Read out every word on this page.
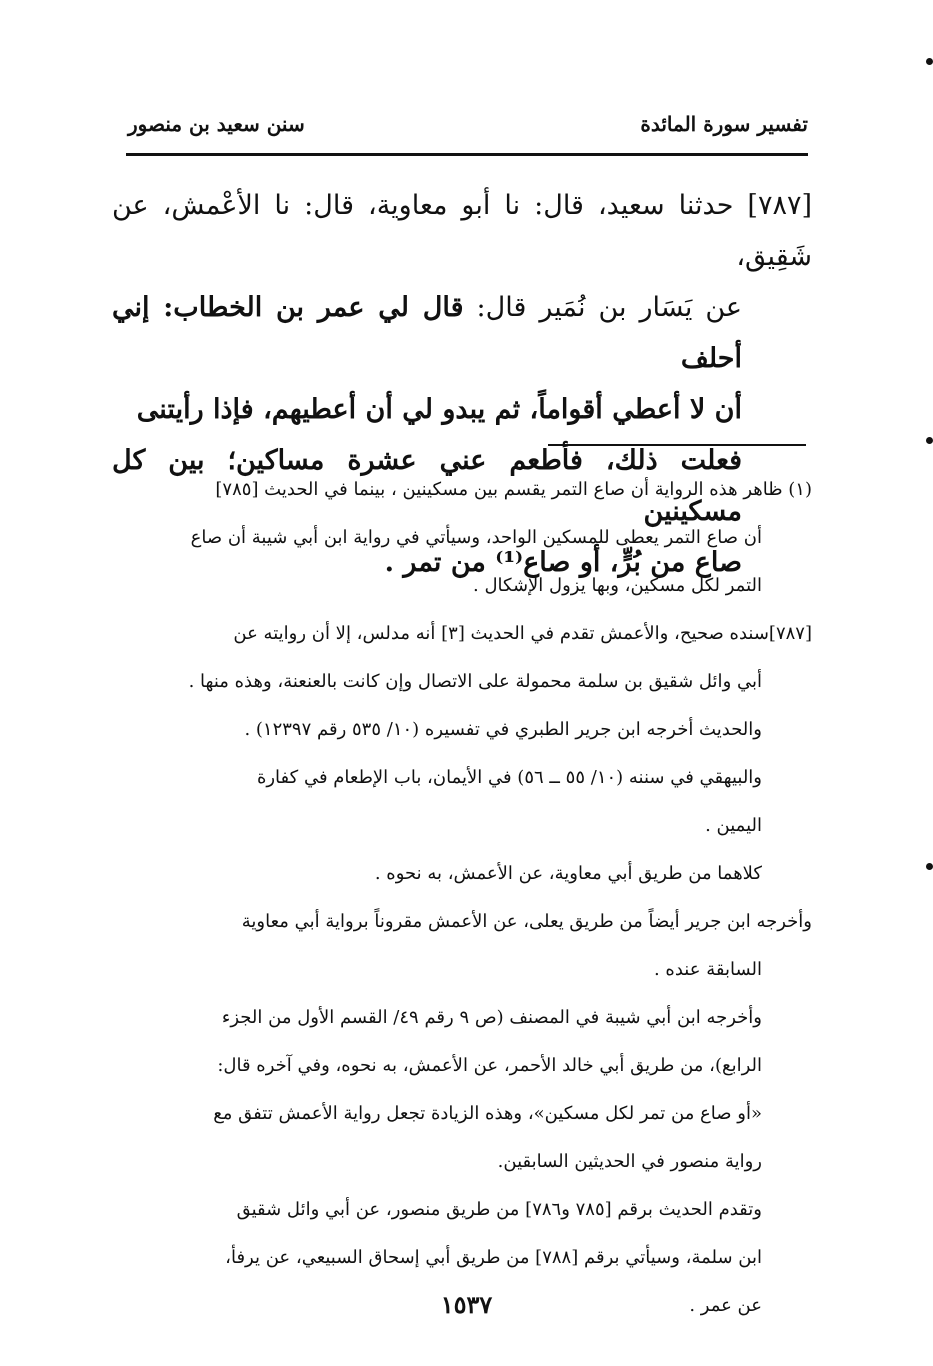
تفسير سورة المائدة
سنن سعيد بن منصور
[٧٨٧] حدثنا سعيد، قال: نا أبو معاوية، قال: نا الأعْمش، عن شَقِيق،
عن يَسَار بن نُمَير قال: قال لي عمر بن الخطاب: إني أحلف
أن لا أعطي أقواماً، ثم يبدو لي أن أعطيهم، فإذا رأيتنى
فعلت ذلك، فأطعم عني عشرة مساكين؛ بين كل مسكينين
صاع من بُرٍّ، أو صاع⁽¹⁾ من تمر .

(١) ظاهر هذه الرواية أن صاع التمر يقسم بين مسكينين ، بينما في الحديث [٧٨٥]

أن صاع التمر يعطى للمسكين الواحد، وسيأتي في رواية ابن أبي شيبة أن صاع

التمر لكل مسكين، وبها يزول الإشكال .

[٧٨٧]سنده صحيح، والأعمش تقدم في الحديث [٣] أنه مدلس، إلا أن روايته عن

أبي وائل شقيق بن سلمة محمولة على الاتصال وإن كانت بالعنعنة، وهذه منها .

والحديث أخرجه ابن جرير الطبري في تفسيره (١٠/ ٥٣٥ رقم ١٢٣٩٧) .

والبيهقي في سننه (١٠/ ٥٥ ــ ٥٦) في الأيمان، باب الإطعام في كفارة

اليمين .

كلاهما من طريق أبي معاوية، عن الأعمش، به نحوه .

وأخرجه ابن جرير أيضاً من طريق يعلى، عن الأعمش مقروناً برواية أبي معاوية

السابقة عنده .

وأخرجه ابن أبي شيبة في المصنف (ص ٩ رقم ٤٩/ القسم الأول من الجزء

الرابع)، من طريق أبي خالد الأحمر، عن الأعمش، به نحوه، وفي آخره قال:

«أو صاع من تمر لكل مسكين»، وهذه الزيادة تجعل رواية الأعمش تتفق مع

رواية منصور في الحديثين السابقين.

وتقدم الحديث برقم [٧٨٥ و٧٨٦] من طريق منصور، عن أبي وائل شقيق

ابن سلمة، وسيأتي برقم [٧٨٨] من طريق أبي إسحاق السبيعي، عن يرفأ،

عن عمر .

١٥٣٧
